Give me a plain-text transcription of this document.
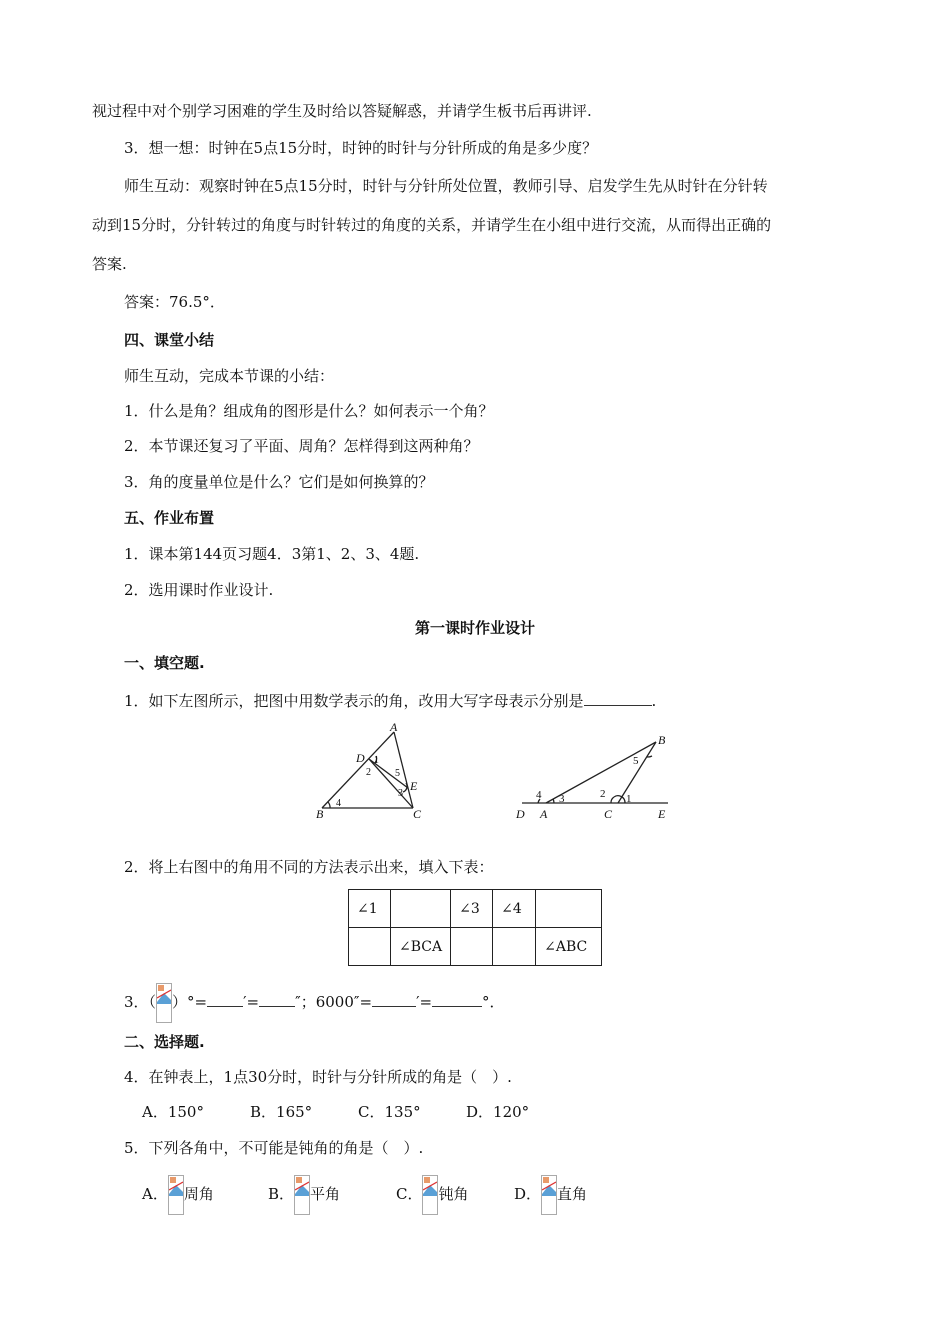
视过程中对个别学习困难的学生及时给以答疑解惑，并请学生板书后再讲评.
3．想一想：时钟在5点15分时，时钟的时针与分针所成的角是多少度？
师生互动：观察时钟在5点15分时，时针与分针所处位置，教师引导、启发学生先从时针在分针转
动到15分时，分针转过的角度与时针转过的角度的关系，并请学生在小组中进行交流，从而得出正确的
答案.
答案：76.5°．
四、课堂小结
师生互动，完成本节课的小结：
1．什么是角？组成角的图形是什么？如何表示一个角？
2．本节课还复习了平面、周角？怎样得到这两种角？
3．角的度量单位是什么？它们是如何换算的？
五、作业布置
1．课本第144页习题4．3第1、2、3、4题.
2．选用课时作业设计.
第一课时作业设计
一、填空题.
1．如下左图所示，把图中用数学表示的角，改用大写字母表示分别是	.
A
B	C
D
E
1
2
3
4
5
B
D A	C	E
1
2
3
4
5
2．将上右图中的角用不同的方法表示出来，填入下表：
∠1		∠3	∠4	
	∠BCA			∠ABC
3．（ ）°= ′= ″；6000″=	′=	°．
二、选择题.
4．在钟表上，1点30分时，时针与分针所成的角是（　）.
A．150°	B．165°	C．135°	D．120°
5．下列各角中，不可能是钝角的角是（　）.
A． 周角	B． 平角	C． 钝角	D． 直角
